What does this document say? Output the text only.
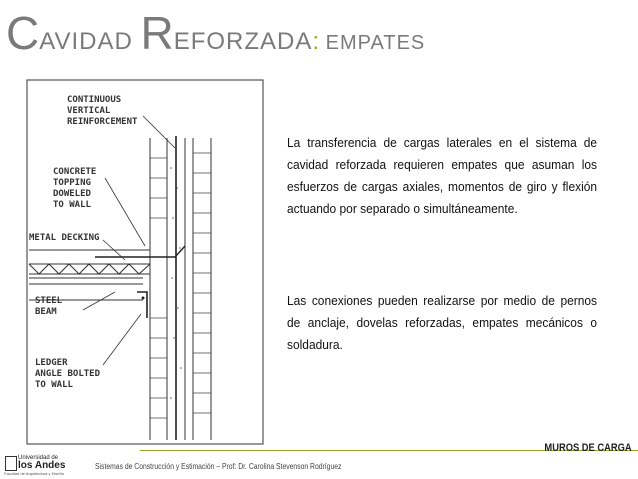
CAVIDAD REFORZADA: EMPATES
CONTINUOUS
VERTICAL
REINFORCEMENT
CONCRETE
TOPPING
DOWELED
TO WALL
METAL DECKING
STEEL
BEAM
LEDGER
ANGLE BOLTED
TO WALL
La transferencia de cargas laterales en el sistema de cavidad reforzada requieren empates que asuman los esfuerzos de cargas axiales, momentos de giro y flexión actuando por separado o simultáneamente.
Las conexiones pueden realizarse por medio de pernos de anclaje, dovelas reforzadas, empates mecánicos o soldadura.
MUROS DE CARGA
Universidad de
los Andes
Facultad de Arquitectura y Diseño
Sistemas de Construcción y Estimación – Prof: Dr. Carolina Stevenson Rodríguez
